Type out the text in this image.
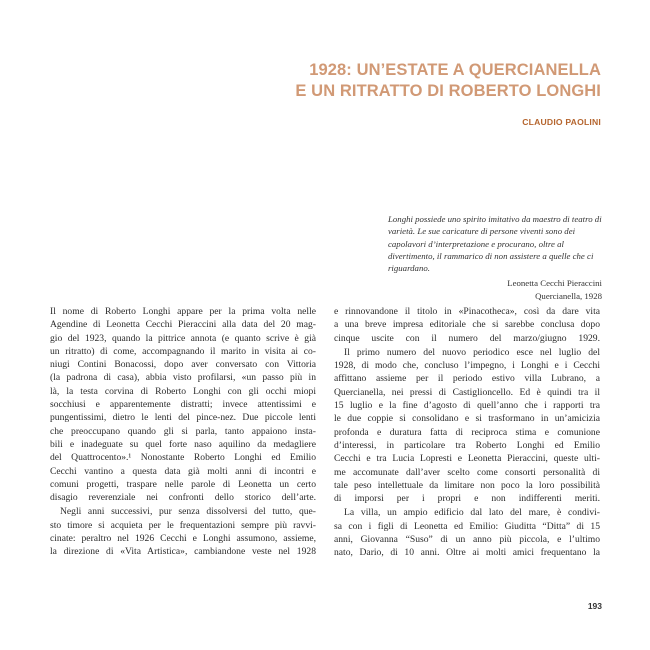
1928: UN’ESTATE A QUERCIANELLA
E UN RITRATTO DI ROBERTO LONGHI

CLAUDIO PAOLINI

Longhi possiede uno spirito imitativo da maestro di teatro di varietà. Le sue caricature di persone viventi sono dei capolavori d’interpretazione e procurano, oltre al divertimento, il rammarico di non assistere a quelle che ci riguardano.

Leonetta Cecchi Pieraccini
Quercianella, 1928

Il nome di Roberto Longhi appare per la prima volta nelle
Agendine di Leonetta Cecchi Pieraccini alla data del 20 mag-
gio del 1923, quando la pittrice annota (e quanto scrive è già
un ritratto) di come, accompagnando il marito in visita ai co-
niugi Contini Bonacossi, dopo aver conversato con Vittoria
(la padrona di casa), abbia visto profilarsi, «un passo più in
là, la testa corvina di Roberto Longhi con gli occhi miopi
socchiusi e apparentemente distratti; invece attentissimi e
pungentissimi, dietro le lenti del pince-nez. Due piccole lenti
che preoccupano quando gli si parla, tanto appaiono instа-
bili e inadeguate su quel forte naso aquilino da medagliere
del Quattrocento».¹ Nonostante Roberto Longhi ed Emilio
Cecchi vantino a questa data già molti anni di incontri e
comuni progetti, traspare nelle parole di Leonetta un certo
disagio reverenziale nei confronti dello storico dell’arte.

Negli anni successivi, pur senza dissolversi del tutto, que-
sto timore si acquieta per le frequentazioni sempre più ravvi-
cinate: peraltro nel 1926 Cecchi e Longhi assumono, assieme,
la direzione di «Vita Artistica», cambiandone veste nel 1928

e rinnovandone il titolo in «Pinacotheca», così da dare vita
a una breve impresa editoriale che si sarebbe conclusa dopo
cinque uscite con il numero del marzo/giugno 1929.

Il primo numero del nuovo periodico esce nel luglio del
1928, di modo che, concluso l’impegno, i Longhi e i Cecchi
affittano assieme per il periodo estivo villa Lubrano, a
Quercianella, nei pressi di Castiglioncello. Ed è quindi tra il
15 luglio e la fine d’agosto di quell’anno che i rapporti tra
le due coppie si consolidano e si trasformano in un’amicizia
profonda e duratura fatta di reciproca stima e comunione
d’interessi, in particolare tra Roberto Longhi ed Emilio
Cecchi e tra Lucia Lopresti e Leonetta Pieraccini, queste ulti-
me accomunate dall’aver scelto come consorti personalità di
tale peso intellettuale da limitare non poco la loro possibilità
di imporsi per i propri e non indifferenti meriti.

La villa, un ampio edificio dal lato del mare, è condivi-
sa con i figli di Leonetta ed Emilio: Giuditta “Ditta” di 15
anni, Giovanna “Suso” di un anno più piccola, e l’ultimo
nato, Dario, di 10 anni. Oltre ai molti amici frequentano la

193
